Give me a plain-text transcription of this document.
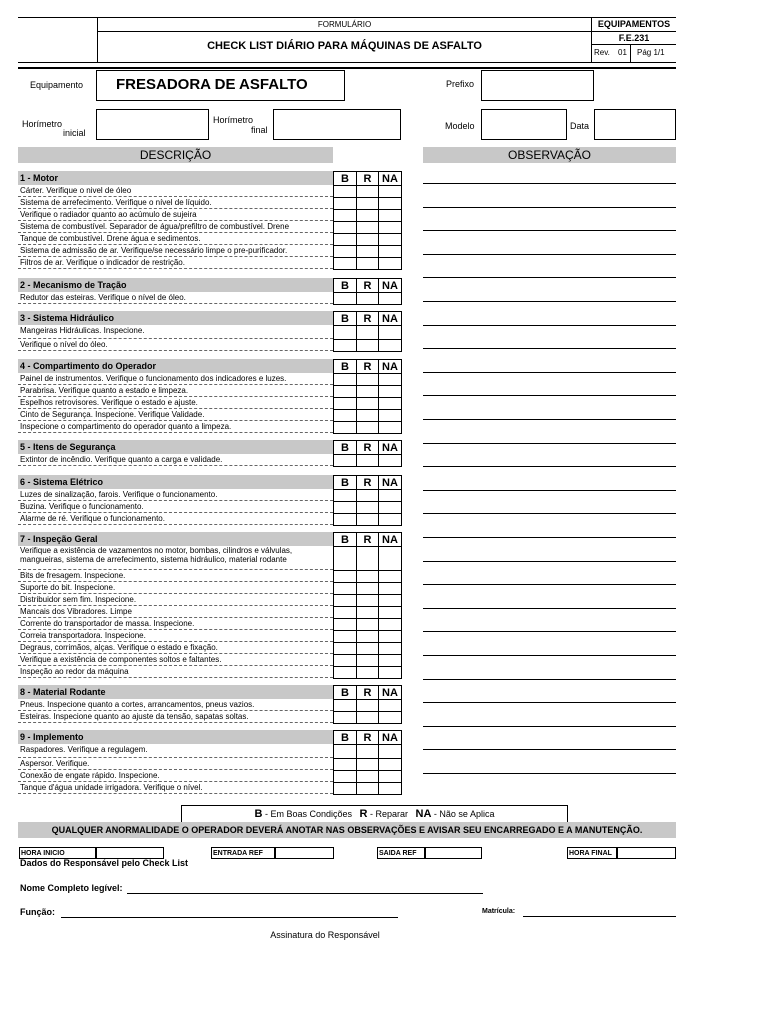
FORMULÁRIO
CHECK LIST DIÁRIO PARA MÁQUINAS DE ASFALTO
EQUIPAMENTOS
F.E.231
Rev. 01 Pág 1/1
Equipamento FRESADORA DE ASFALTO	Prefixo
Horímetro
inicial
Horímetro
final	Modelo	Data
DESCRIÇÃO	OBSERVAÇÃO
1 - Motor	B	R NA
Cárter. Verifique o nivel de óleo
Sistema de arrefecimento. Verifique o nível de líquido.
Verifique o radiador quanto ao acúmulo de sujeira
Sistema de combustível. Separador de água/prefiltro de combustível. Drene
Tanque de combustível. Drene água e sedimentos.
Sistema de admissão de ar. Verifique/se necessário limpe o pre-purificador.
Filtros de ar. Verifique o indicador de restrição.
2 - Mecanismo de Tração	B	R NA
Redutor das esteiras. Verifique o nível de óleo.
3 - Sistema Hidráulico	B	R NA
Mangeiras Hidráulicas. Inspecione.
Verifique o nível do óleo.
4 - Compartimento do Operador	B	R NA
Painel de instrumentos. Verifique o funcionamento dos indicadores e luzes.
Parabrisa. Verifique quanto a estado e limpeza.
Espelhos retrovisores. Verifique o estado e ajuste.
Cinto de Segurança. Inspecione. Verifique Validade.
Inspecione o compartimento do operador quanto a limpeza.
5 - Itens de Segurança	B	R NA
Extintor de incêndio. Verifique quanto a carga e validade.
6 - Sistema Elétrico	B	R NA
Luzes de sinalização, farois. Verifique o funcionamento.
Buzina. Verifique o funcionamento.
Alarme de ré. Verifique o funcionamento.
7 - Inspeção Geral	B	R NA
Verifique a existência de vazamentos no motor, bombas, cilindros e válvulas, mangueiras, sistema de arrefecimento, sistema hidráulico, material rodante
Bits de fresagem. Inspecione.
Suporte do bit. Inspecione.
Distribuidor sem fim. Inspecione.
Mancais dos Vibradores. Limpe
Corrente do transportador de massa. Inspecione.
Correia transportadora. Inspecione.
Degraus, corrimãos, alças. Verifique o estado e fixação.
Verifique a existência de componentes soltos e faltantes.
Inspeção ao redor da máquina
8 - Material Rodante	B	R NA
Pneus. Inspecione quanto a cortes, arrancamentos, pneus vazios.
Esteiras. Inspecione quanto ao ajuste da tensão, sapatas soltas.
9 - Implemento	B	R NA
Raspadores. Verifique a regulagem.
Aspersor. Verifique.
Conexão de engate rápido. Inspecione.
Tanque d'água unidade irrigadora. Verifique o nível.
B - Em Boas Condições R - Reparar NA - Não se Aplica
QUALQUER ANORMALIDADE O OPERADOR DEVERÁ ANOTAR NAS OBSERVAÇÕES E AVISAR SEU ENCARREGADO E A MANUTENÇÃO.
HORA INICIO	ENTRADA REF	SAIDA REF	HORA FINAL
Dados do Responsável pelo Check List
Nome Completo legível:
Função:	Matrícula:
Assinatura do Responsável
